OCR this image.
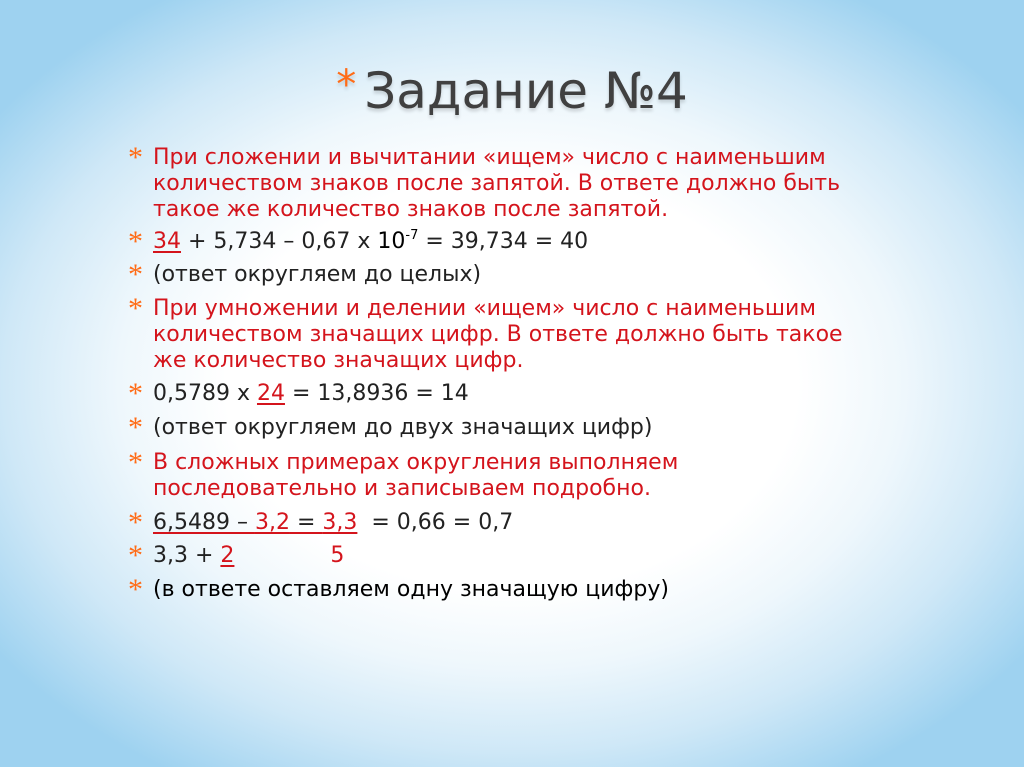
* Задание №4
* При сложении и вычитании «ищем» число с наименьшим количеством знаков после запятой. В ответе должно быть такое же количество знаков после запятой.
* 34 + 5,734 – 0,67 х $10^{-7} = 39,734 = 40$
* (ответ округляем до целых)
* При умножении и делении «ищем» число с наименьшим количеством значащих цифр. В ответе должно быть такое же количество значащих цифр.
* 0,5789 х 24 = 13,8936 = 14
* (ответ округляем до двух значащих цифр)
* В сложных примерах округления выполняем последовательно и записываем подробно.
* 6,5489 – 3,2 = 3,3  = 0,66 = 0,7
* 3,3 + 2	5
* (в ответе оставляем одну значащую цифру)
